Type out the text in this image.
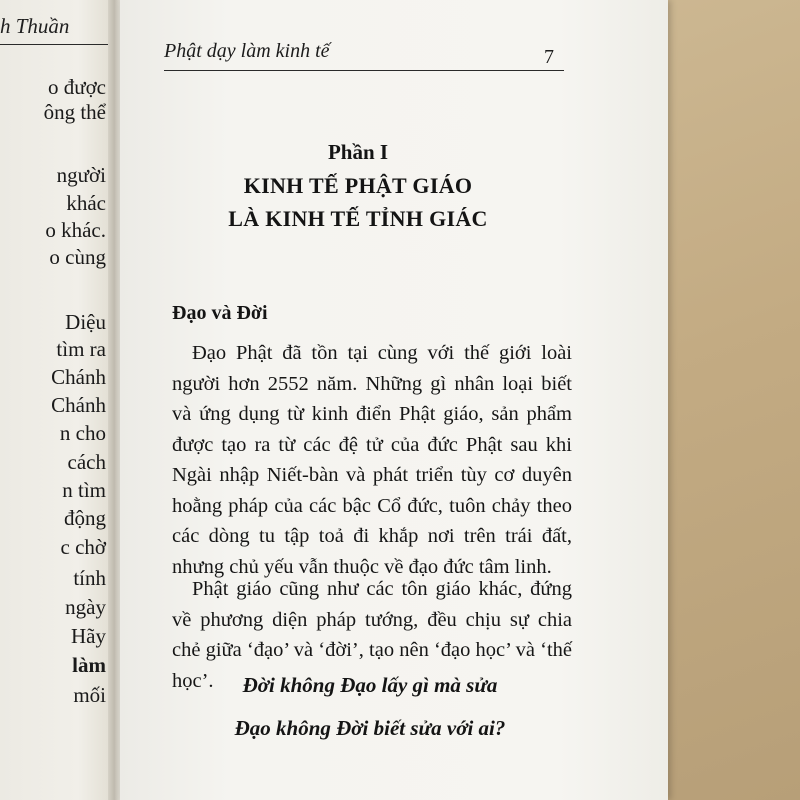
h Thuần
o được
ông thể
người
khác
o khác.
o cùng
Diệu
tìm ra
Chánh
Chánh
n cho
cách
n tìm
động
c chờ
tính
ngày
Hãy
làm
mối
Phật dạy làm kinh tế	7
Phần I
KINH TẾ PHẬT GIÁO
LÀ KINH TẾ TỈNH GIÁC
Đạo và Đời

Đạo Phật đã tồn tại cùng với thế giới loài người hơn 2552 năm. Những gì nhân loại biết và ứng dụng từ kinh điển Phật giáo, sản phẩm được tạo ra từ các đệ tử của đức Phật sau khi Ngài nhập Niết-bàn và phát triển tùy cơ duyên hoằng pháp của các bậc Cổ đức, tuôn chảy theo các dòng tu tập toả đi khắp nơi trên trái đất, nhưng chủ yếu vẫn thuộc về đạo đức tâm linh.

Phật giáo cũng như các tôn giáo khác, đứng về phương diện pháp tướng, đều chịu sự chia chẻ giữa ‘đạo’ và ‘đời’, tạo nên ‘đạo học’ và ‘thế học’.	Đời không Đạo lấy gì mà sửa
Đạo không Đời biết sửa với ai?
